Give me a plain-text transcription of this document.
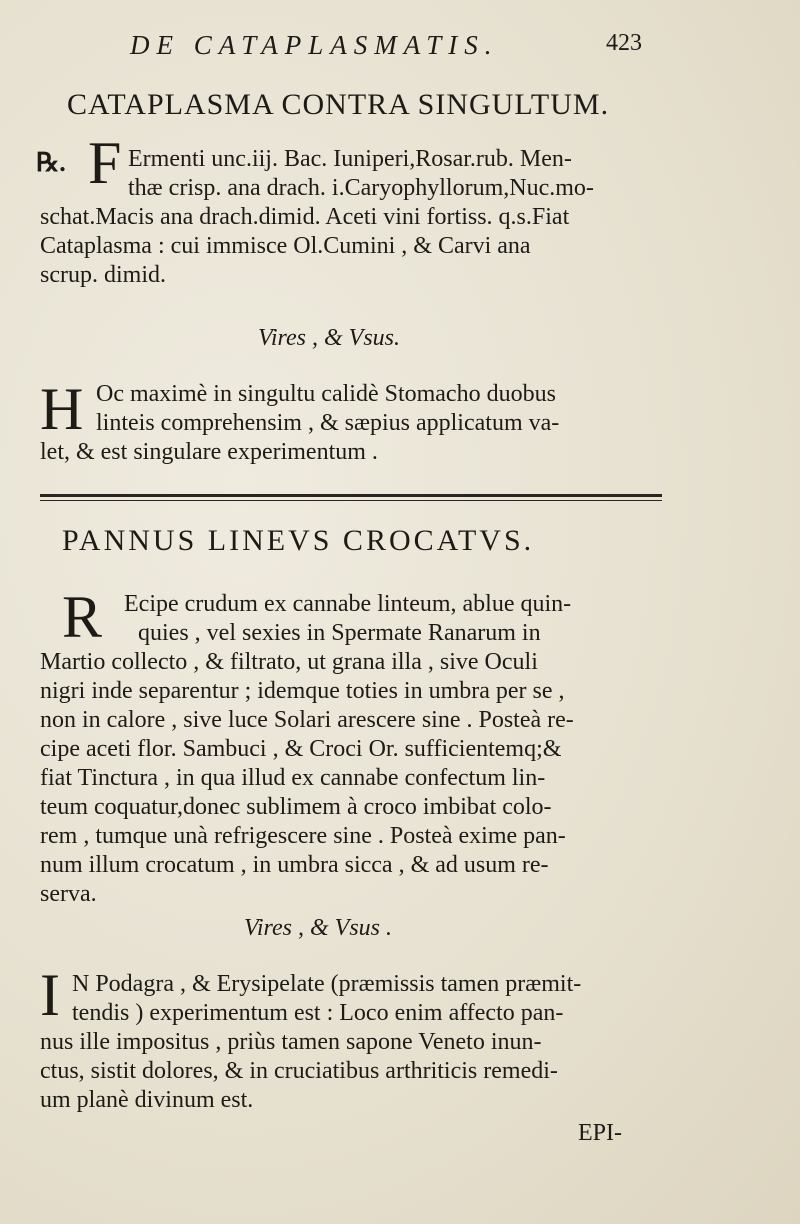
DE CATAPLASMATIS.	423
CATAPLASMA CONTRA SINGULTUM.
℞. F Ermenti unc.iij. Bac. Iuniperi,Rosar.rub. Men-
thæ crisp. ana drach. i.Caryophyllorum,Nuc.mo-
schat.Macis ana drach.dimid. Aceti vini fortiss. q.s.Fiat
Cataplasma : cui immisce Ol.Cumini , & Carvi ana
scrup. dimid.
Vires , & Vsus.
H Oc maximè in singultu calidè Stomacho duobus
linteis comprehensim , & sæpius applicatum va-
let, & est singulare experimentum .
PANNUS LINEVS CROCATVS.
R Ecipe crudum ex cannabe linteum, ablue quin-
quies , vel sexies in Spermate Ranarum in
Martio collecto , & filtrato, ut grana illa , sive Oculi
nigri inde separentur ; idemque toties in umbra per se ,
non in calore , sive luce Solari arescere sine . Posteà re-
cipe aceti flor. Sambuci , & Croci Or. sufficientemq;&
fiat Tinctura , in qua illud ex cannabe confectum lin-
teum coquatur,donec sublimem à croco imbibat colo-
rem , tumque unà refrigescere sine . Posteà exime pan-
num illum crocatum , in umbra sicca , & ad usum re-
serva.
Vires , & Vsus .
I N Podagra , & Erysipelate (præmissis tamen præmit-
tendis ) experimentum est : Loco enim affecto pan-
nus ille impositus , priùs tamen sapone Veneto inun-
ctus, sistit dolores, & in cruciatibus arthriticis remedi-
um planè divinum est.
EPI-
